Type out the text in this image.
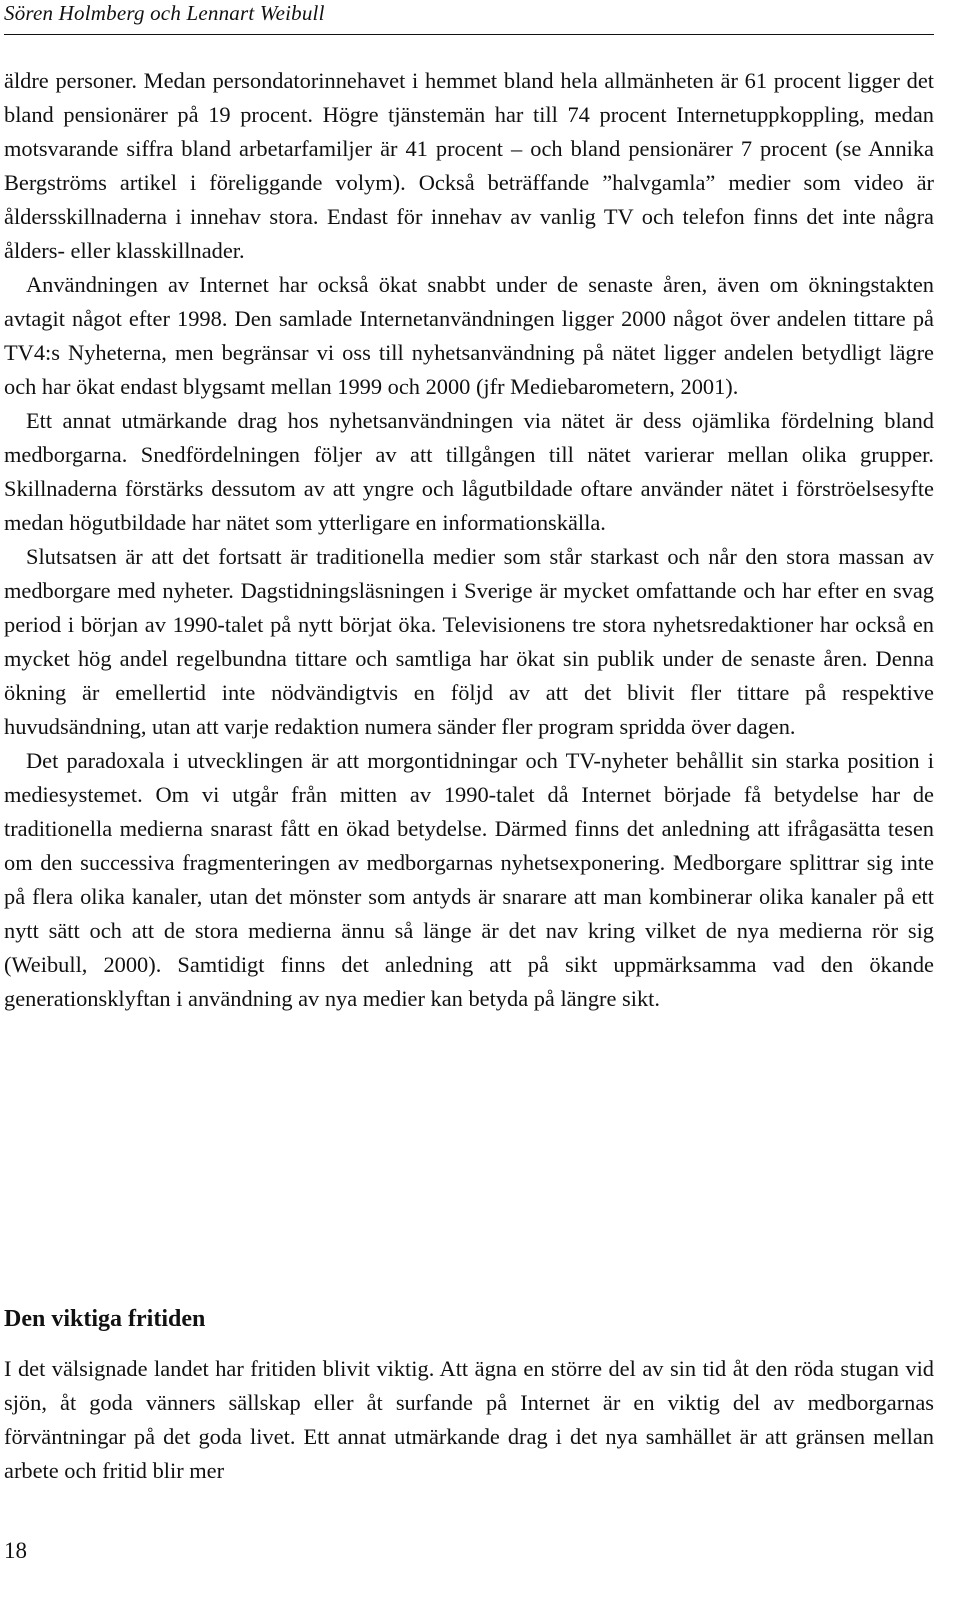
Sören Holmberg och Lennart Weibull

äldre personer. Medan persondatorinnehavet i hemmet bland hela allmänheten är 61 procent ligger det bland pensionärer på 19 procent. Högre tjänstemän har till 74 procent Internetuppkoppling, medan motsvarande siffra bland arbetarfamiljer är 41 procent – och bland pensionärer 7 procent (se Annika Bergströms artikel i föreliggande volym). Också beträffande ”halvgamla” medier som video är åldersskillnaderna i innehav stora. Endast för innehav av vanlig TV och telefon finns det inte några ålders- eller klasskillnader.

Användningen av Internet har också ökat snabbt under de senaste åren, även om ökningstakten avtagit något efter 1998. Den samlade Internetanvändningen ligger 2000 något över andelen tittare på TV4:s Nyheterna, men begränsar vi oss till nyhetsanvändning på nätet ligger andelen betydligt lägre och har ökat endast blygsamt mellan 1999 och 2000 (jfr Mediebarometern, 2001).

Ett annat utmärkande drag hos nyhetsanvändningen via nätet är dess ojämlika fördelning bland medborgarna. Snedfördelningen följer av att tillgången till nätet varierar mellan olika grupper. Skillnaderna förstärks dessutom av att yngre och lågutbildade oftare använder nätet i förströelsesyfte medan högutbildade har nätet som ytterligare en informationskälla.

Slutsatsen är att det fortsatt är traditionella medier som står starkast och når den stora massan av medborgare med nyheter. Dagstidningsläsningen i Sverige är mycket omfattande och har efter en svag period i början av 1990-talet på nytt börjat öka. Televisionens tre stora nyhetsredaktioner har också en mycket hög andel regelbundna tittare och samtliga har ökat sin publik under de senaste åren. Denna ökning är emellertid inte nödvändigtvis en följd av att det blivit fler tittare på respektive huvudsändning, utan att varje redaktion numera sänder fler program spridda över dagen.

Det paradoxala i utvecklingen är att morgontidningar och TV-nyheter behållit sin starka position i mediesystemet. Om vi utgår från mitten av 1990-talet då Internet började få betydelse har de traditionella medierna snarast fått en ökad betydelse. Därmed finns det anledning att ifrågasätta tesen om den successiva fragmenteringen av medborgarnas nyhetsexponering. Medborgare splittrar sig inte på flera olika kanaler, utan det mönster som antyds är snarare att man kombinerar olika kanaler på ett nytt sätt och att de stora medierna ännu så länge är det nav kring vilket de nya medierna rör sig (Weibull, 2000). Samtidigt finns det anledning att på sikt uppmärksamma vad den ökande generationsklyftan i användning av nya medier kan betyda på längre sikt.

Den viktiga fritiden

I det välsignade landet har fritiden blivit viktig. Att ägna en större del av sin tid åt den röda stugan vid sjön, åt goda vänners sällskap eller åt surfande på Internet är en viktig del av medborgarnas förväntningar på det goda livet. Ett annat utmärkande drag i det nya samhället är att gränsen mellan arbete och fritid blir mer

18
